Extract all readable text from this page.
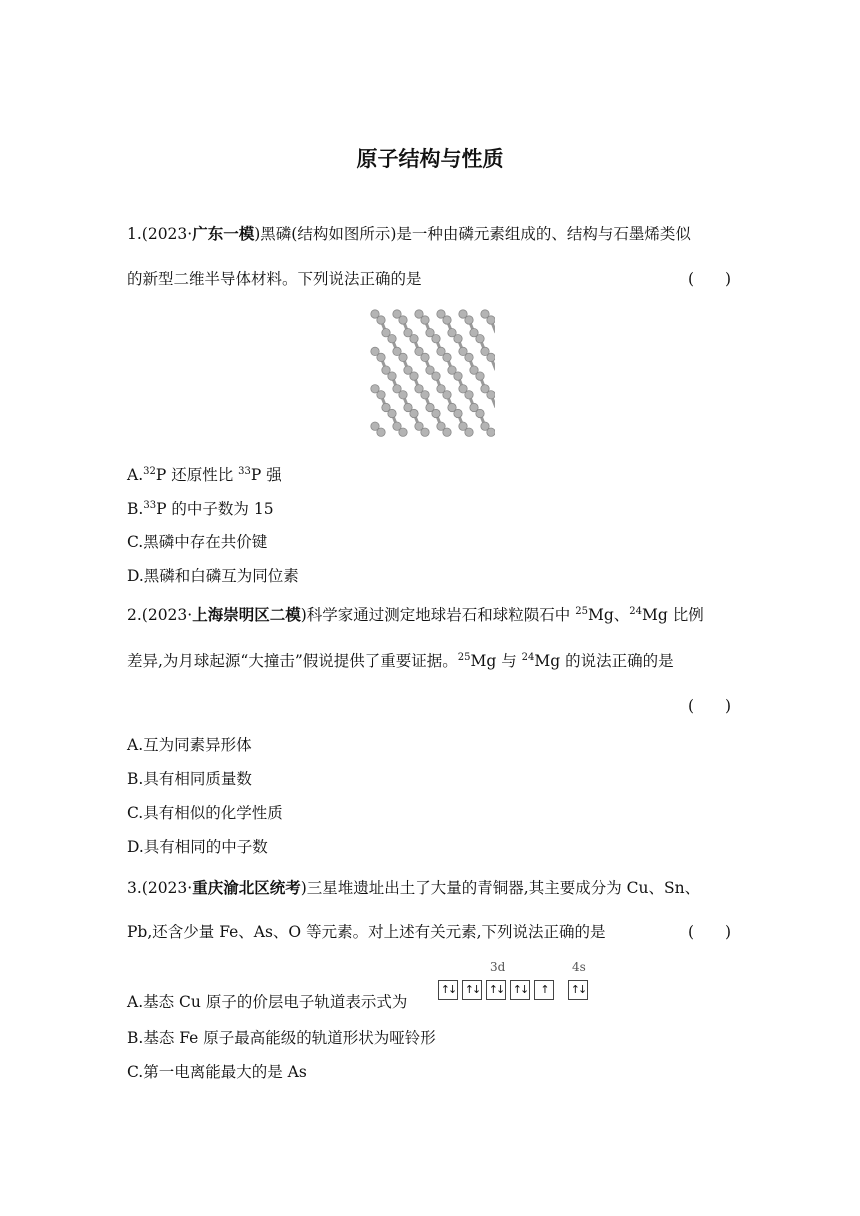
原子结构与性质
1.(2023·广东一模)黑磷(结构如图所示)是一种由磷元素组成的、结构与石墨烯类似
的新型二维半导体材料。下列说法正确的是	(　　)
A.$^{32}$P 还原性比 $^{33}$P 强
B.$^{33}$P 的中子数为 15
C.黑磷中存在共价键
D.黑磷和白磷互为同位素
2.(2023·上海崇明区二模)科学家通过测定地球岩石和球粒陨石中 $^{25}$Mg、$^{24}$Mg 比例
差异,为月球起源“大撞击”假说提供了重要证据。$^{25}$Mg 与 $^{24}$Mg 的说法正确的是
(　　)
A.互为同素异形体
B.具有相同质量数
C.具有相似的化学性质
D.具有相同的中子数
3.(2023·重庆渝北区统考)三星堆遗址出土了大量的青铜器,其主要成分为 Cu、Sn、
Pb,还含少量 Fe、As、O 等元素。对上述有关元素,下列说法正确的是	(　　)
A.基态 Cu 原子的价层电子轨道表示式为
3d	4s
↑↓ ↑↓ ↑↓ ↑↓	↑	↑↓
B.基态 Fe 原子最高能级的轨道形状为哑铃形
C.第一电离能最大的是 As
